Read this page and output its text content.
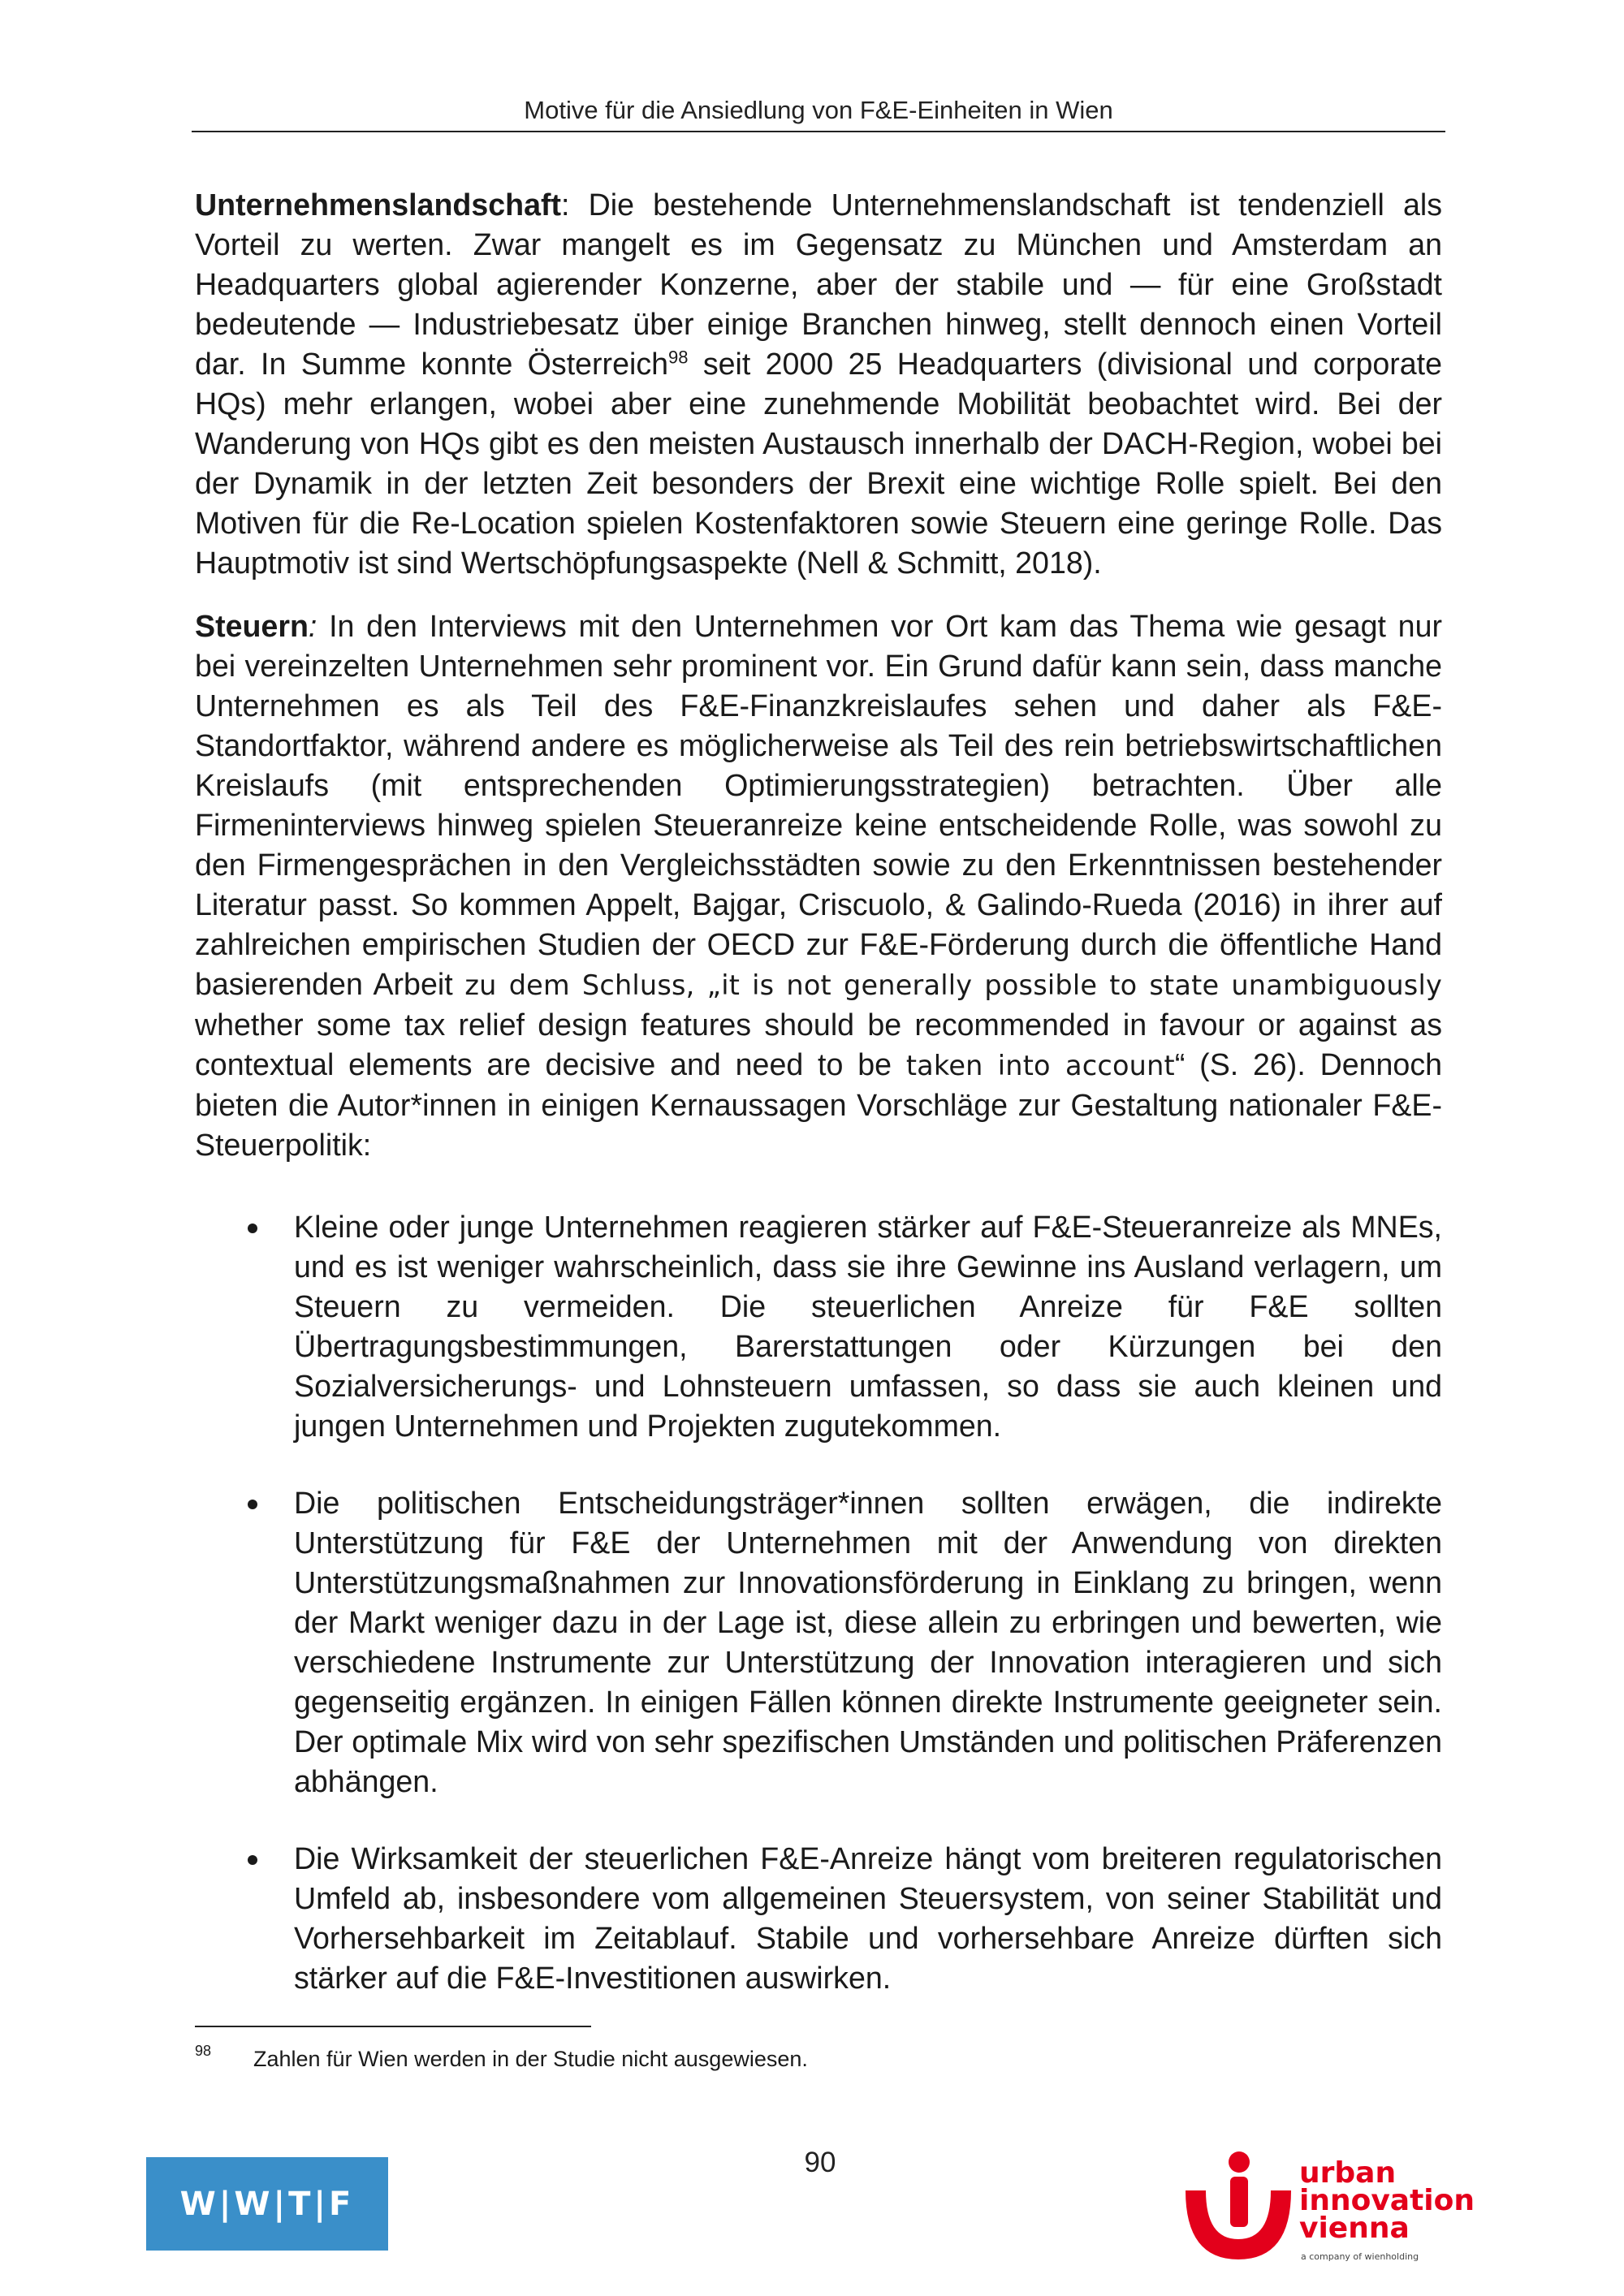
Motive für die Ansiedlung von F&E-Einheiten in Wien

Unternehmenslandschaft: Die bestehende Unternehmenslandschaft ist tendenziell als Vorteil zu werten. Zwar mangelt es im Gegensatz zu München und Amsterdam an Headquarters global agierender Konzerne, aber der stabile und — für eine Großstadt bedeutende — Industriebesatz über einige Branchen hinweg, stellt dennoch einen Vorteil dar. In Summe konnte Österreich$^{98}$ seit 2000 25 Headquarters (divisional und corporate HQs) mehr erlangen, wobei aber eine zunehmende Mobilität beobachtet wird. Bei der Wanderung von HQs gibt es den meisten Austausch innerhalb der DACH-Region, wobei bei der Dynamik in der letzten Zeit besonders der Brexit eine wichtige Rolle spielt. Bei den Motiven für die Re-Location spielen Kostenfaktoren sowie Steuern eine geringe Rolle. Das Hauptmotiv ist sind Wertschöpfungsaspekte (Nell & Schmitt, 2018).

Steuern: In den Interviews mit den Unternehmen vor Ort kam das Thema wie gesagt nur bei vereinzelten Unternehmen sehr prominent vor. Ein Grund dafür kann sein, dass manche Unternehmen es als Teil des F&E-Finanzkreislaufes sehen und daher als F&E-Standortfaktor, während andere es möglicherweise als Teil des rein betriebswirtschaftlichen Kreislaufs (mit entsprechenden Optimierungsstrategien) betrachten. Über alle Firmeninterviews hinweg spielen Steueranreize keine entscheidende Rolle, was sowohl zu den Firmengesprächen in den Vergleichsstädten sowie zu den Erkenntnissen bestehender Literatur passt. So kommen Appelt, Bajgar, Criscuolo, & Galindo-Rueda (2016) in ihrer auf zahlreichen empirischen Studien der OECD zur F&E-Förderung durch die öffentliche Hand basierenden Arbeit zu dem Schluss, „it is not generally possible to state unambiguously whether some tax relief design features should be recommended in favour or against as contextual elements are decisive and need to be taken into account“ (S. 26). Dennoch bieten die Autor*innen in einigen Kernaussagen Vorschläge zur Gestaltung nationaler F&E-Steuerpolitik:

Kleine oder junge Unternehmen reagieren stärker auf F&E-Steueranreize als MNEs, und es ist weniger wahrscheinlich, dass sie ihre Gewinne ins Ausland verlagern, um Steuern zu vermeiden. Die steuerlichen Anreize für F&E sollten Übertragungsbestimmungen, Barerstattungen oder Kürzungen bei den Sozialversicherungs- und Lohnsteuern umfassen, so dass sie auch kleinen und jungen Unternehmen und Projekten zugutekommen.
Die politischen Entscheidungsträger*innen sollten erwägen, die indirekte Unterstützung für F&E der Unternehmen mit der Anwendung von direkten Unterstützungsmaßnahmen zur Innovationsförderung in Einklang zu bringen, wenn der Markt weniger dazu in der Lage ist, diese allein zu erbringen und bewerten, wie verschiedene Instrumente zur Unterstützung der Innovation interagieren und sich gegenseitig ergänzen. In einigen Fällen können direkte Instrumente geeigneter sein. Der optimale Mix wird von sehr spezifischen Umständen und politischen Präferenzen abhängen.
Die Wirksamkeit der steuerlichen F&E-Anreize hängt vom breiteren regulatorischen Umfeld ab, insbesondere vom allgemeinen Steuersystem, von seiner Stabilität und Vorhersehbarkeit im Zeitablauf. Stabile und vorhersehbare Anreize dürften sich stärker auf die F&E-Investitionen auswirken.
98 Zahlen für Wien werden in der Studie nicht ausgewiesen.
90
W|W|T|F
urban
innovation
vienna
a company of wienholding
